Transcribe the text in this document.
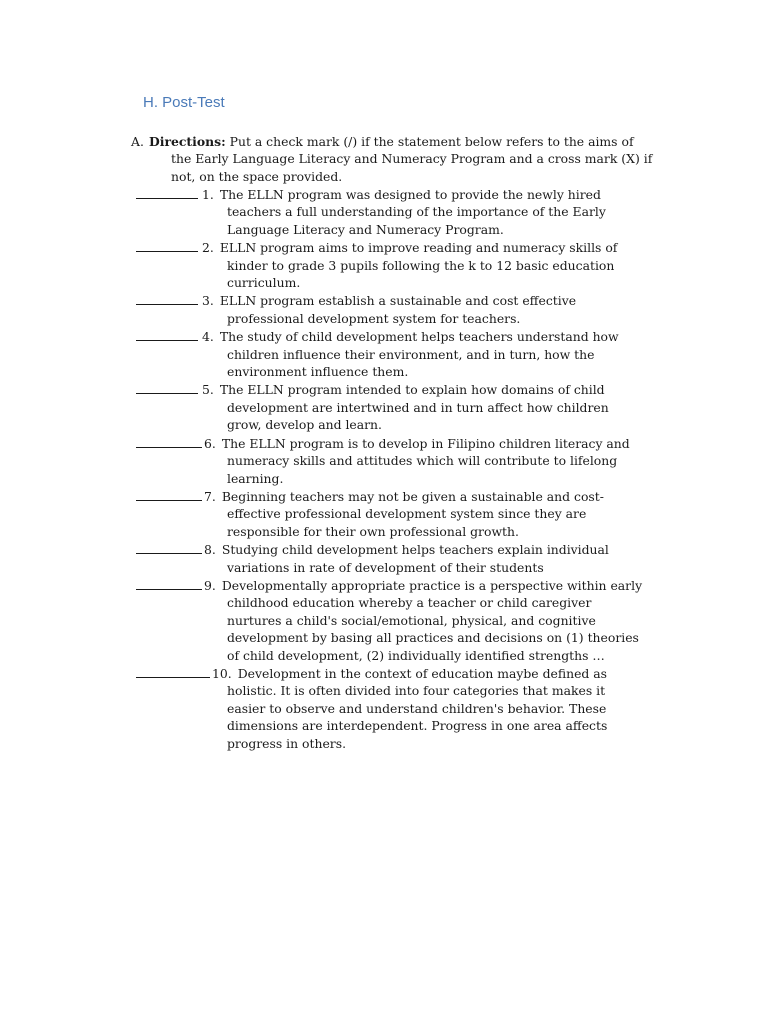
H. Post-Test
A. Directions: Put a check mark (/) if the statement below refers to the aims of
the Early Language Literacy and Numeracy Program and a cross mark (X) if
not, on the space provided.
1. The ELLN program was designed to provide the newly hired
teachers a full understanding of the importance of the Early
Language Literacy and Numeracy Program.
2. ELLN program aims to improve reading and numeracy skills of
kinder to grade 3 pupils following the k to 12 basic education
curriculum.
3. ELLN program establish a sustainable and cost effective
professional development system for teachers.
4. The study of child development helps teachers understand how
children influence their environment, and in turn, how the
environment influence them.
5. The ELLN program intended to explain how domains of child
development are intertwined and in turn affect how children
grow, develop and learn.
6. The ELLN program is to develop in Filipino children literacy and
numeracy skills and attitudes which will contribute to lifelong
learning.
7. Beginning teachers may not be given a sustainable and cost-
effective professional development system since they are
responsible for their own professional growth.
8. Studying child development helps teachers explain individual
variations in rate of development of their students
9. Developmentally appropriate practice is a perspective within early
childhood education whereby a teacher or child caregiver
nurtures a child's social/emotional, physical, and cognitive
development by basing all practices and decisions on (1) theories
of child development, (2) individually identified strengths …
10. Development in the context of education maybe defined as
holistic. It is often divided into four categories that makes it
easier to observe and understand children's behavior. These
dimensions are interdependent. Progress in one area affects
progress in others.
